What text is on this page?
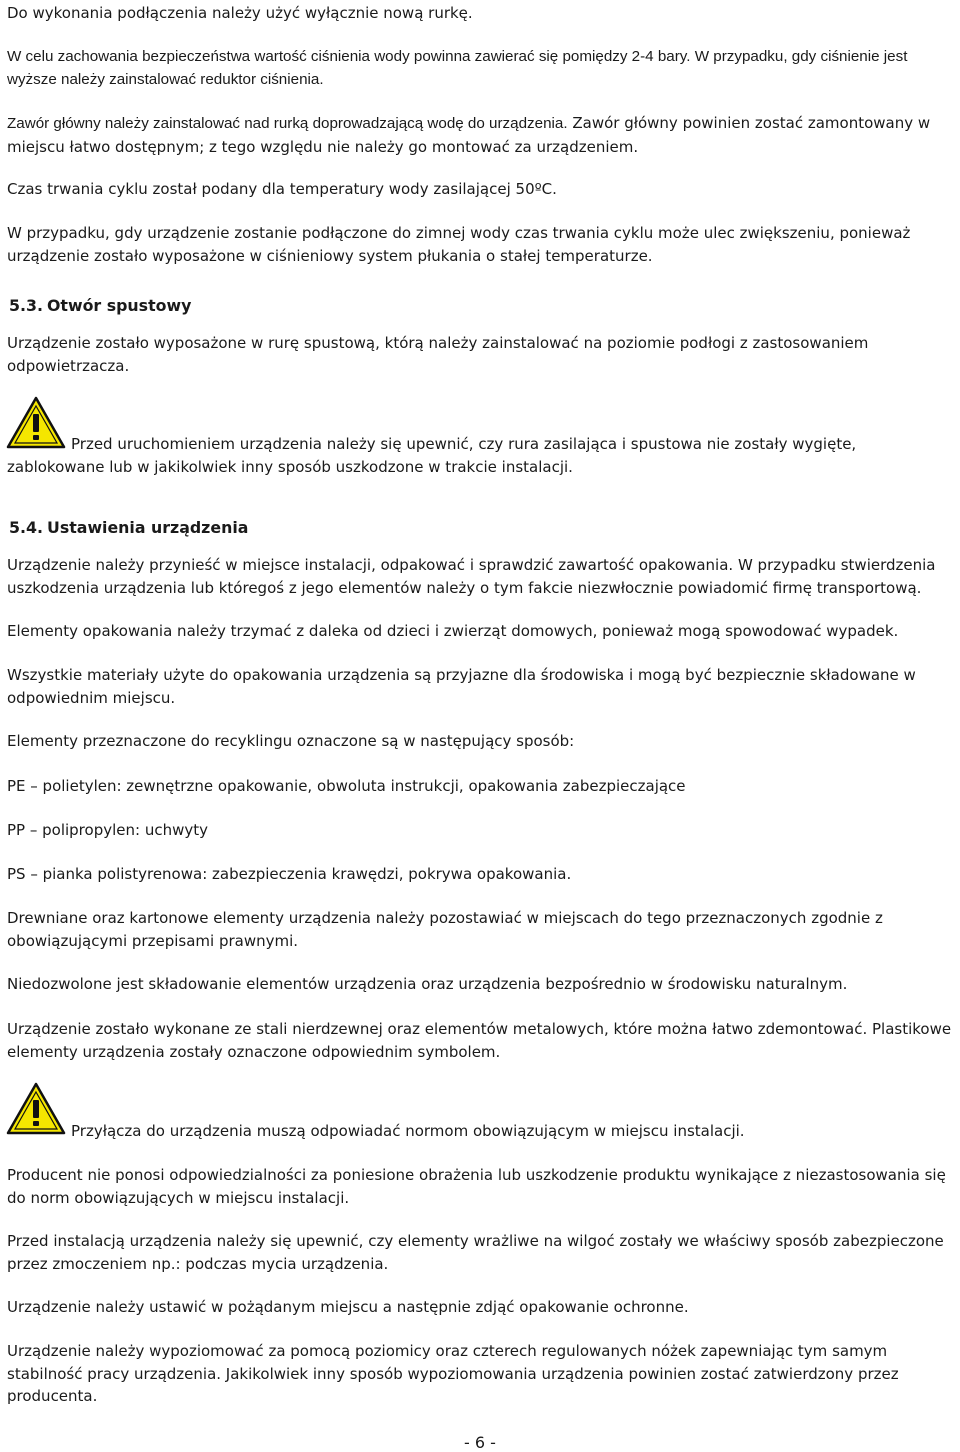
Do wykonania podłączenia należy użyć wyłącznie nową rurkę.

W celu zachowania bezpieczeństwa wartość ciśnienia wody powinna zawierać się pomiędzy 2-4 bary. W przypadku, gdy ciśnienie jest wyższe należy zainstalować reduktor ciśnienia.

Zawór główny należy zainstalować nad rurką doprowadzającą wodę do urządzenia. Zawór główny powinien zostać zamontowany w miejscu łatwo dostępnym; z tego względu nie należy go montować za urządzeniem.

Czas trwania cyklu został podany dla temperatury wody zasilającej 50ºC.

W przypadku, gdy urządzenie zostanie podłączone do zimnej wody czas trwania cyklu może ulec zwiększeniu, ponieważ urządzenie zostało wyposażone w ciśnieniowy system płukania o stałej temperaturze.

5.3. Otwór spustowy

Urządzenie zostało wyposażone w rurę spustową, którą należy zainstalować na poziomie podłogi z zastosowaniem odpowietrzacza.

Przed uruchomieniem urządzenia należy się upewnić, czy rura zasilająca i spustowa nie zostały wygięte, zablokowane lub w jakikolwiek inny sposób uszkodzone w trakcie instalacji.

5.4. Ustawienia urządzenia

Urządzenie należy przynieść w miejsce instalacji, odpakować i sprawdzić zawartość opakowania. W przypadku stwierdzenia uszkodzenia urządzenia lub któregoś z jego elementów należy o tym fakcie niezwłocznie powiadomić firmę transportową.

Elementy opakowania należy trzymać z daleka od dzieci i zwierząt domowych, ponieważ mogą spowodować wypadek.

Wszystkie materiały użyte do opakowania urządzenia są przyjazne dla środowiska i mogą być bezpiecznie składowane w odpowiednim miejscu.

Elementy przeznaczone do recyklingu oznaczone są w następujący sposób:

PE – polietylen: zewnętrzne opakowanie, obwoluta instrukcji, opakowania zabezpieczające

PP – polipropylen: uchwyty

PS – pianka polistyrenowa: zabezpieczenia krawędzi, pokrywa opakowania.

Drewniane oraz kartonowe elementy urządzenia należy pozostawiać w miejscach do tego przeznaczonych zgodnie z obowiązującymi przepisami prawnymi.

Niedozwolone jest składowanie elementów urządzenia oraz urządzenia bezpośrednio w środowisku naturalnym.

Urządzenie zostało wykonane ze stali nierdzewnej oraz elementów metalowych, które można łatwo zdemontować. Plastikowe elementy urządzenia zostały oznaczone odpowiednim symbolem.

Przyłącza do urządzenia muszą odpowiadać normom obowiązującym w miejscu instalacji.

Producent nie ponosi odpowiedzialności za poniesione obrażenia lub uszkodzenie produktu wynikające z niezastosowania się do norm obowiązujących w miejscu instalacji.

Przed instalacją urządzenia należy się upewnić, czy elementy wrażliwe na wilgoć zostały we właściwy sposób zabezpieczone przez zmoczeniem np.: podczas mycia urządzenia.

Urządzenie należy ustawić w pożądanym miejscu a następnie zdjąć opakowanie ochronne.

Urządzenie należy wypoziomować za pomocą poziomicy oraz czterech regulowanych nóżek zapewniając tym samym stabilność pracy urządzenia. Jakikolwiek inny sposób wypoziomowania urządzenia powinien zostać zatwierdzony przez producenta.

- 6 -
